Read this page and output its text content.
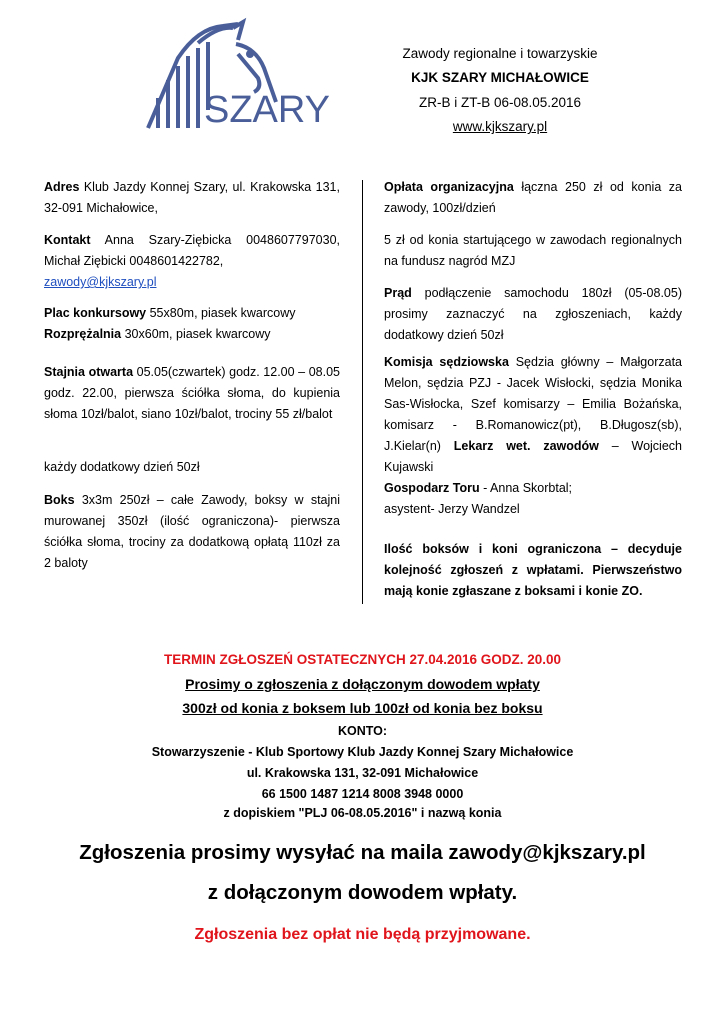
SZARY
Zawody regionalne i towarzyskie
KJK SZARY MICHAŁOWICE
ZR-B i ZT-B 06-08.05.2016
www.kjkszary.pl
Adres Klub Jazdy Konnej Szary, ul. Krakowska 131, 32-091 Michałowice,
Kontakt Anna Szary-Ziębicka 0048607797030, Michał Ziębicki 0048601422782,
zawody@kjkszary.pl
Plac konkursowy 55x80m, piasek kwarcowy
Rozprężalnia 30x60m, piasek kwarcowy
Stajnia otwarta 05.05(czwartek) godz. 12.00 – 08.05 godz. 22.00, pierwsza ściółka słoma, do kupienia słoma 10zł/balot, siano 10zł/balot, trociny 55 zł/balot
każdy dodatkowy dzień 50zł
Boks 3x3m 250zł – całe Zawody, boksy w stajni murowanej 350zł (ilość ograniczona)- pierwsza ściółka słoma, trociny za dodatkową opłatą 110zł za 2 baloty
Opłata organizacyjna łączna 250 zł od konia za zawody, 100zł/dzień
5 zł od konia startującego w zawodach regionalnych na fundusz nagród MZJ
Prąd podłączenie samochodu 180zł (05-08.05) prosimy zaznaczyć na zgłoszeniach, każdy dodatkowy dzień 50zł
Komisja sędziowska Sędzia główny – Małgorzata Melon, sędzia PZJ - Jacek Wisłocki, sędzia Monika Sas-Wisłocka, Szef komisarzy – Emilia Bożańska, komisarz - B.Romanowicz(pt), B.Długosz(sb), J.Kielar(n) Lekarz wet. zawodów – Wojciech Kujawski
Gospodarz Toru - Anna Skorbtal;
asystent- Jerzy Wandzel
Ilość boksów i koni ograniczona – decyduje kolejność zgłoszeń z wpłatami. Pierwszeństwo mają konie zgłaszane z boksami i konie ZO.
TERMIN ZGŁOSZEŃ OSTATECZNYCH 27.04.2016 GODZ. 20.00
Prosimy o zgłoszenia z dołączonym dowodem wpłaty
300zł od konia z boksem lub 100zł od konia bez boksu
KONTO:
Stowarzyszenie - Klub Sportowy Klub Jazdy Konnej Szary Michałowice
ul. Krakowska 131, 32-091 Michałowice
66 1500 1487 1214 8008 3948 0000
z dopiskiem "PLJ 06-08.05.2016" i nazwą konia
Zgłoszenia prosimy wysyłać na maila zawody@kjkszary.pl
z dołączonym dowodem wpłaty.
Zgłoszenia bez opłat nie będą przyjmowane.
